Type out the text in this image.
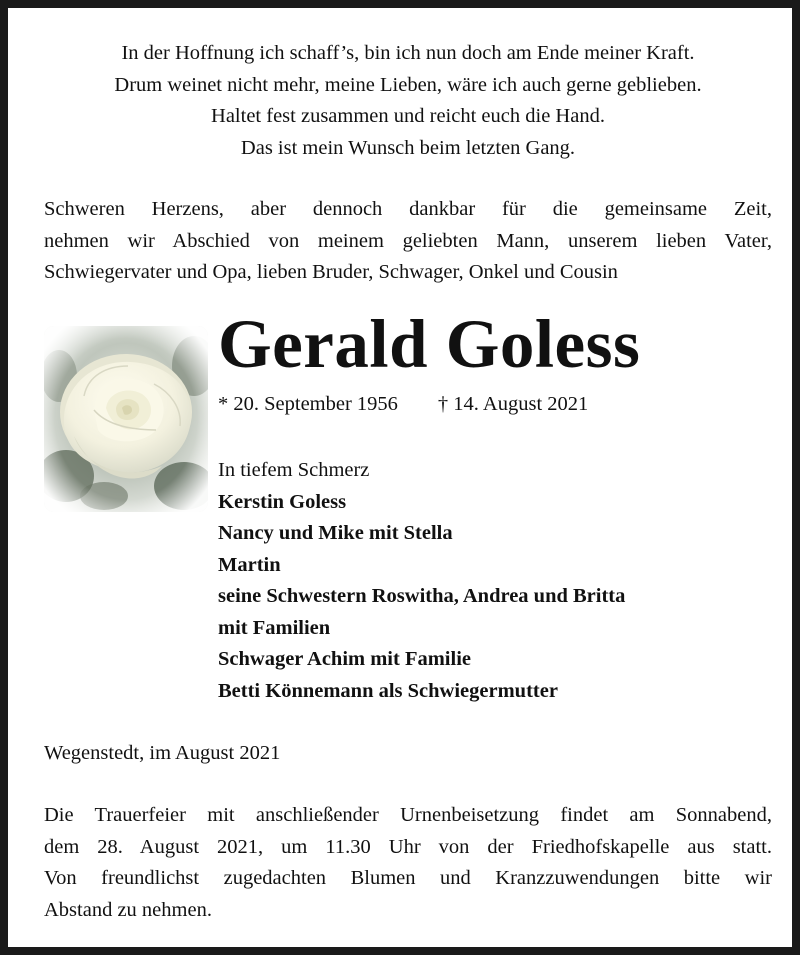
In der Hoffnung ich schaff’s, bin ich nun doch am Ende meiner Kraft.
Drum weinet nicht mehr, meine Lieben, wäre ich auch gerne geblieben.
Haltet fest zusammen und reicht euch die Hand.
Das ist mein Wunsch beim letzten Gang.
Schweren Herzens, aber dennoch dankbar für die gemeinsame Zeit,
nehmen wir Abschied von meinem geliebten Mann, unserem lieben Vater,
Schwiegervater und Opa, lieben Bruder, Schwager, Onkel und Cousin
Gerald Goless
* 20. September 1956 † 14. August 2021
In tiefem Schmerz
Kerstin Goless
Nancy und Mike mit Stella
Martin
seine Schwestern Roswitha, Andrea und Britta
mit Familien
Schwager Achim mit Familie
Betti Könnemann als Schwiegermutter
Wegenstedt, im August 2021
Die Trauerfeier mit anschließender Urnenbeisetzung findet am Sonnabend,
dem 28. August 2021, um 11.30 Uhr von der Friedhofskapelle aus statt.
Von freundlichst zugedachten Blumen und Kranzzuwendungen bitte wir
Abstand zu nehmen.
